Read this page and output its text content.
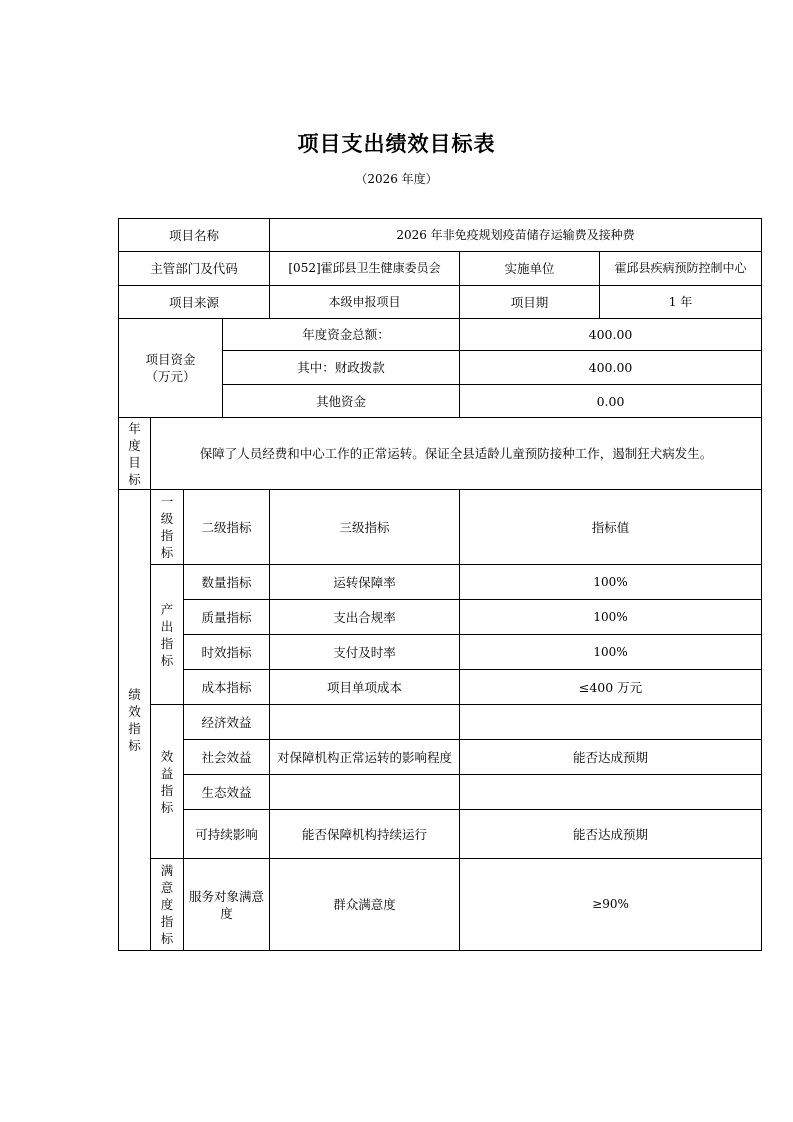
项目支出绩效目标表
（2026 年度）
项目名称				2026 年非免疫规划疫苗储存运输费及接种费		
主管部门及代码				[052]霍邱县卫生健康委员会	实施单位	霍邱县疾病预防控制中心
项目来源				本级申报项目	项目期	1 年
项目资金（万元）			年度资金总额：		400.00	
			其中：财政拨款		400.00	
			其他资金		0.00	
年度目标	保障了人员经费和中心工作的正常运转。保证全县适龄儿童预防接种工作，遏制狂犬病发生。					
绩效指标	一级指标	二级指标		三级指标	指标值	
	产出指标	数量指标		运转保障率	100%	
		质量指标		支出合规率	100%	
		时效指标		支付及时率	100%	
		成本指标		项目单项成本	≤400 万元	
	效益指标	经济效益				
		社会效益		对保障机构正常运转的影响程度	能否达成预期	
		生态效益				
		可持续影响		能否保障机构持续运行	能否达成预期	
	满意度指标	服务对象满意度		群众满意度	≥90%	
